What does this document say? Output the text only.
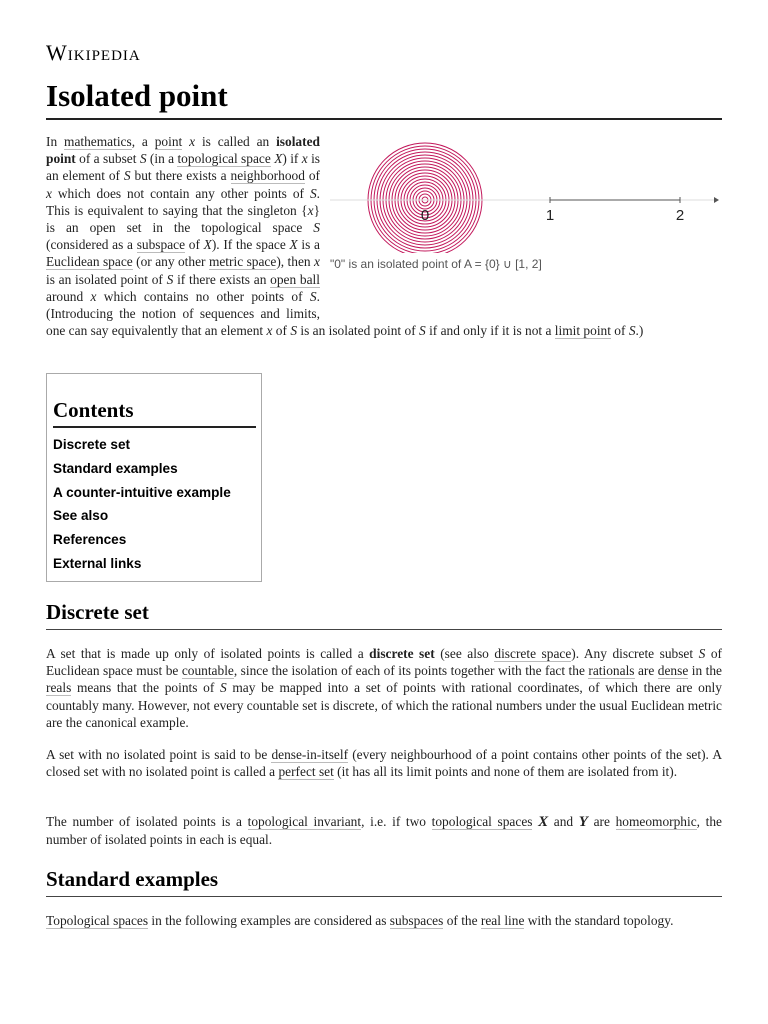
Wikipedia
Isolated point
0	1	2
"0" is an isolated point of A = {0} ∪ [1, 2]

In mathematics, a point x is called an isolated point of a subset S (in a topological space X) if x is an element of S but there exists a neighborhood of x which does not contain any other points of S. This is equivalent to saying that the singleton {x} is an open set in the topological space S (considered as a subspace of X). If the space X is a Euclidean space (or any other metric space), then x is an isolated point of S if there exists an open ball around x which contains no other points of S. (Introducing the notion of sequences and limits, one can say equivalently that an element x of S is an isolated point of S if and only if it is not a limit point of S.)

Contents
Discrete set
Standard examples
A counter-intuitive example
See also
References
External links
Discrete set

A set that is made up only of isolated points is called a discrete set (see also discrete space). Any discrete subset S of Euclidean space must be countable, since the isolation of each of its points together with the fact the rationals are dense in the reals means that the points of S may be mapped into a set of points with rational coordinates, of which there are only countably many. However, not every countable set is discrete, of which the rational numbers under the usual Euclidean metric are the canonical example.

A set with no isolated point is said to be dense-in-itself (every neighbourhood of a point contains other points of the set). A closed set with no isolated point is called a perfect set (it has all its limit points and none of them are isolated from it).

The number of isolated points is a topological invariant, i.e. if two topological spaces X and Y are homeomorphic, the number of isolated points in each is equal.

Standard examples

Topological spaces in the following examples are considered as subspaces of the real line with the standard topology.
